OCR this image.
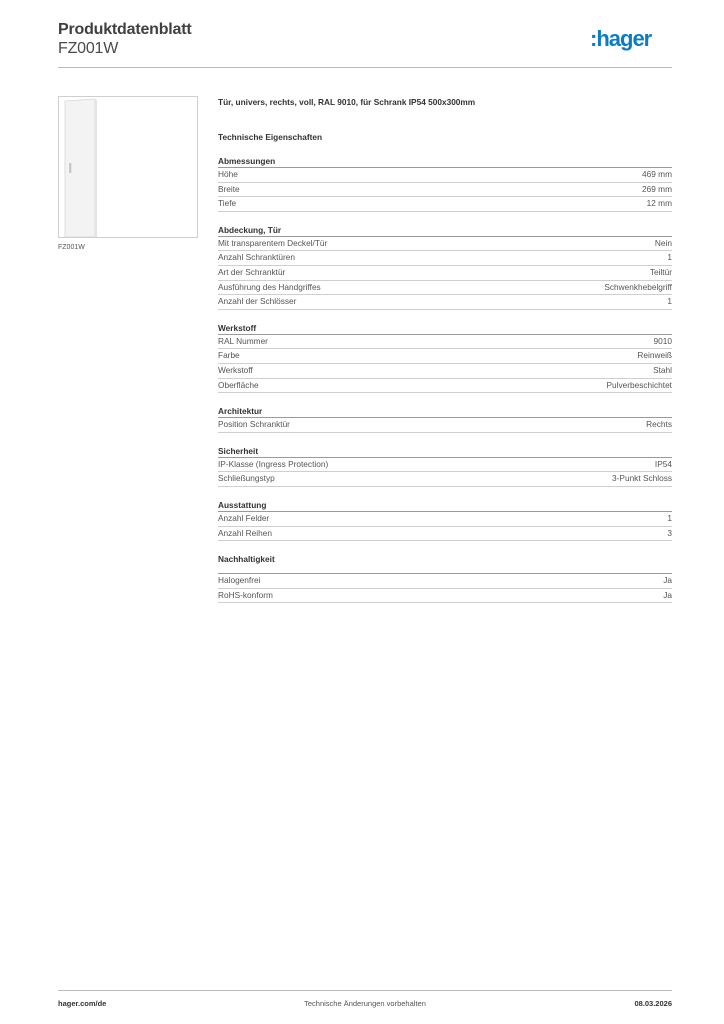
Produktdatenblatt
FZ001W	:hager
FZ001W
Tür, univers, rechts, voll, RAL 9010, für Schrank IP54 500x300mm
Technische Eigenschaften
Abmessungen
Höhe	469 mm
Breite	269 mm
Tiefe	12 mm
Abdeckung, Tür
Mit transparentem Deckel/Tür	Nein
Anzahl Schranktüren	1
Art der Schranktür	Teiltür
Ausführung des Handgriffes	Schwenkhebelgriff
Anzahl der Schlösser	1
Werkstoff
RAL Nummer	9010
Farbe	Reinweiß
Werkstoff	Stahl
Oberfläche	Pulverbeschichtet
Architektur
Position Schranktür	Rechts
Sicherheit
IP-Klasse (Ingress Protection)	IP54
Schließungstyp	3-Punkt Schloss
Ausstattung
Anzahl Felder	1
Anzahl Reihen	3
Nachhaltigkeit
Halogenfrei	Ja
RoHS-konform	Ja
hager.com/de	Technische Änderungen vorbehalten	08.03.2026
